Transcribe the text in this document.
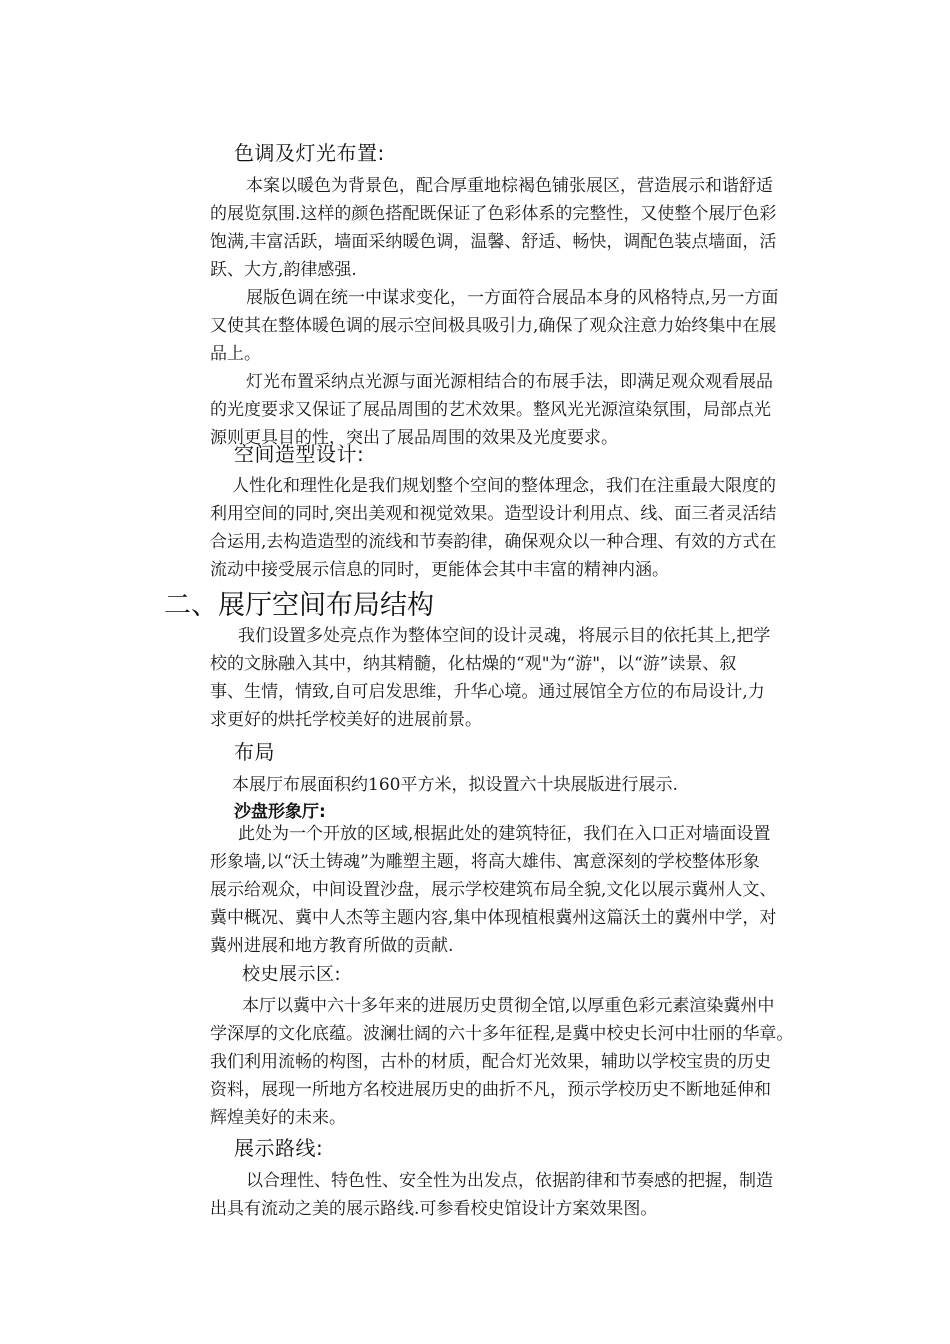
色调及灯光布置:
本案以暖色为背景色，配合厚重地棕褐色铺张展区，营造展示和谐舒适
的展览氛围.这样的颜色搭配既保证了色彩体系的完整性，又使整个展厅色彩
饱满,丰富活跃，墙面采纳暖色调，温馨、舒适、畅快，调配色装点墙面，活
跃、大方,韵律感强.
展版色调在统一中谋求变化，一方面符合展品本身的风格特点,另一方面
又使其在整体暖色调的展示空间极具吸引力,确保了观众注意力始终集中在展
品上。
灯光布置采纳点光源与面光源相结合的布展手法，即满足观众观看展品
的光度要求又保证了展品周围的艺术效果。整风光光源渲染氛围，局部点光
源则更具目的性，突出了展品周围的效果及光度要求。
空间造型设计:
人性化和理性化是我们规划整个空间的整体理念，我们在注重最大限度的
利用空间的同时,突出美观和视觉效果。造型设计利用点、线、面三者灵活结
合运用,去构造造型的流线和节奏韵律，确保观众以一种合理、有效的方式在
流动中接受展示信息的同时，更能体会其中丰富的精神内涵。
二、展厅空间布局结构
我们设置多处亮点作为整体空间的设计灵魂，将展示目的依托其上,把学
校的文脉融入其中，纳其精髓，化枯燥的“观"为“游"，以“游”读景、叙
事、生情，情致,自可启发思维，升华心境。通过展馆全方位的布局设计,力
求更好的烘托学校美好的进展前景。
布局
本展厅布展面积约160平方米，拟设置六十块展版进行展示.
沙盘形象厅:
此处为一个开放的区域,根据此处的建筑特征，我们在入口正对墙面设置
形象墙,以“沃土铸魂”为雕塑主题，将高大雄伟、寓意深刻的学校整体形象
展示给观众，中间设置沙盘，展示学校建筑布局全貌,文化以展示冀州人文、
冀中概况、冀中人杰等主题内容,集中体现植根冀州这篇沃土的冀州中学，对
冀州进展和地方教育所做的贡献.
校史展示区:
本厅以冀中六十多年来的进展历史贯彻全馆,以厚重色彩元素渲染冀州中
学深厚的文化底蕴。波澜壮阔的六十多年征程,是冀中校史长河中壮丽的华章。
我们利用流畅的构图，古朴的材质，配合灯光效果，辅助以学校宝贵的历史
资料，展现一所地方名校进展历史的曲折不凡，预示学校历史不断地延伸和
辉煌美好的未来。
展示路线:
以合理性、特色性、安全性为出发点，依据韵律和节奏感的把握，制造
出具有流动之美的展示路线.可参看校史馆设计方案效果图。
